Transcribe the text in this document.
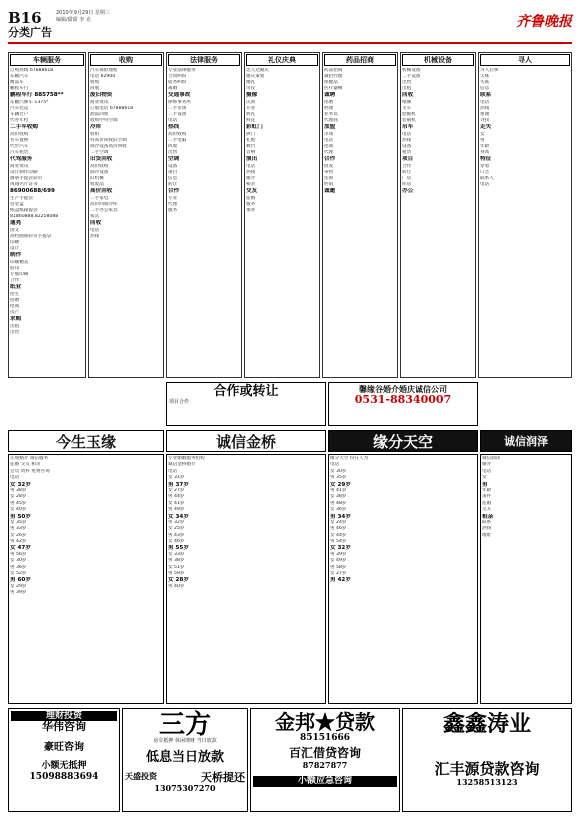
B16	2010年9月29日 星期三
编辑/甜甜 李 克
分类广告
齐鲁晚报
车辆服务
订购热线 67888618
东鹏汽车
精品车
鹏程车行
鹏程车行 885758**
东鹏汽修车 1375*
汽车托运
车辆过户
代办年检
二手车收购
高价收购
名车置换
代步汽车
汽车租赁
代驾服务
商业资讯
设计制作印刷
画册手提袋彩页
凤翔名片证书
86900688/699
生产手提袋
包装盒
纸盒纸箱提袋
81860888,82258088
通亮
国文
高档画册彩页手提袋
印刷
设计
制作
印刷精美
胶印
专版印刷
合作
纸业
招生
招聘
招商
房产
求购
出租
出售
收购
汽车保险理赔
电话 82900
收购
回收
废旧物资
商业资讯
订版电话 67888618
油品回收
收购中央空调
冷库
机组
特高价回收旧空调
制冷设备高价回收
二手空调
旧货回收
高价收购
制冷设备
旧机械
收废品
高价回收
二手家电
高价回收冷库
二手办公家具
家具
回收
电话
热线
法律服务
专业法律服务
合同纠纷
债务纠纷
离婚
交通事故
律师事务所
二手市场
二手设备
电话
热线
高价收购
二手电脑
回收
出售
空调
设备
项目
信息
转让
合作
专业
代理
服务
礼仪庆典
达人达婚庆
婚庆策划
婚礼
司仪
摄像
庆典
开业
典礼
鲜花
彩虹门
拱门
礼炮
舞台
音响
演出
电话
热线
婚介
相亲
交友
征婚
服务
承办
药品招商
药品招商
诚招代理
保健品
医疗器械
诚聘
招聘
经理
业务员
代理商
加盟
市场
电话
招商
代理
合作
批发
零售
连锁
经销
诚邀
机械设备
机械设备
二手设备
出售
出租
回收
维修
叉车
挖掘机
装载机
吊车
电话
热线
设备
租赁
项目
合作
转让
厂房
库房
办公
寻人
寻人启事
欠账
失联
信息
联系
电话
热线
重谢
寻找
走失
女
男
年龄
身高
特征
穿着
口音
联系人
电话
合作或转让
项目合作
馨缘谷婚介婚庆诚信公司
0531-88340007
今生玉缘	诚信金桥	缘分天空	诚信润泽
正规婚介 诚信服务
征婚 交友 相亲
会员 资料 免费咨询
电话
女 32岁
男 38岁
女 28岁
男 45岁
女 40岁
男 50岁
女 35岁
男 33岁
女 26岁
男 42岁
女 47岁
男 56岁
女 30岁
男 36岁
女 52岁
男 60岁
女 29岁
男 39岁
专业婚姻服务机构
诚信金桥婚介
电话
女 31岁
男 37岁
女 27岁
男 44岁
女 41岁
男 49岁
女 34岁
男 32岁
女 25岁
男 43岁
女 46岁
男 55岁
女 33岁
男 38岁
女 51岁
男 59岁
女 28岁
男 40岁
缘分天空 份在人为
电话
女 30岁
男 35岁
女 29岁
男 41岁
女 38岁
男 48岁
女 36岁
男 34岁
女 24岁
男 46岁
女 44岁
男 54岁
女 32岁
男 39岁
女 49岁
男 58岁
女 27岁
男 42岁
诚信润泽
婚介
电话
女
男
年龄
条件
征婚
交友
相亲
联系
热线
地址
理财投资
华伟咨询
豪旺咨询
小额无抵押
15098883694
三方
房车抵押 休闲理财 当日放款
低息当日放款
天盛投资	天桥提还
13075307270
金邦★贷款
85151666
百汇借贷咨询
87827877
小额应急咨询
鑫鑫涛业
汇丰源贷款咨询
13258513123
